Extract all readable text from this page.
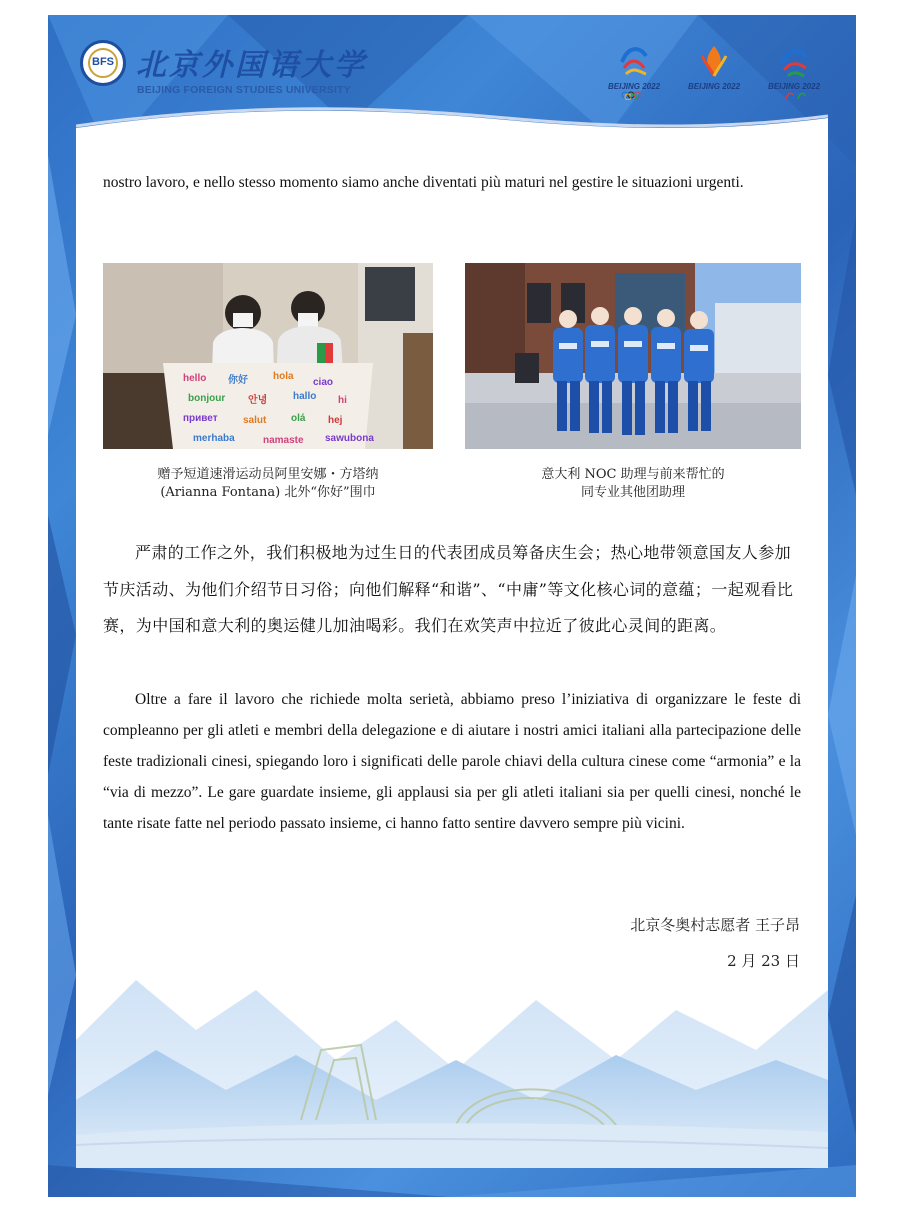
BFS 北京外国语大学
BEIJING FOREIGN STUDIES UNIVERSITY	BEIJING 2022	BEIJING 2022	BEIJING 2022
nostro lavoro, e nello stesso momento siamo anche diventati più maturi nel gestire le situazioni urgenti.
hello 你好	hola
ciao
bonjour 안녕	hallo hi
привет	salut olá hej
merhaba	namaste sawubona
赠予短道速滑运动员阿里安娜・方塔纳
(Arianna Fontana) 北外“你好”围巾
意大利 NOC 助理与前来帮忙的
同专业其他团助理
严肃的工作之外，我们积极地为过生日的代表团成员筹备庆生会；热心地带领意国友人参加节庆活动、为他们介绍节日习俗；向他们解释“和谐”、“中庸”等文化核心词的意蕴；一起观看比赛，为中国和意大利的奥运健儿加油喝彩。我们在欢笑声中拉近了彼此心灵间的距离。
Oltre a fare il lavoro che richiede molta serietà, abbiamo preso l’iniziativa di organizzare le feste di compleanno per gli atleti e membri della delegazione e di aiutare i nostri amici italiani alla partecipazione delle feste tradizionali cinesi, spiegando loro i significati delle parole chiavi della cultura cinese come “armonia” e la “via di mezzo”. Le gare guardate insieme, gli applausi sia per gli atleti italiani sia per quelli cinesi, nonché le tante risate fatte nel periodo passato insieme, ci hanno fatto sentire davvero sempre più vicini.
北京冬奥村志愿者 王子昂
2 月 23 日
